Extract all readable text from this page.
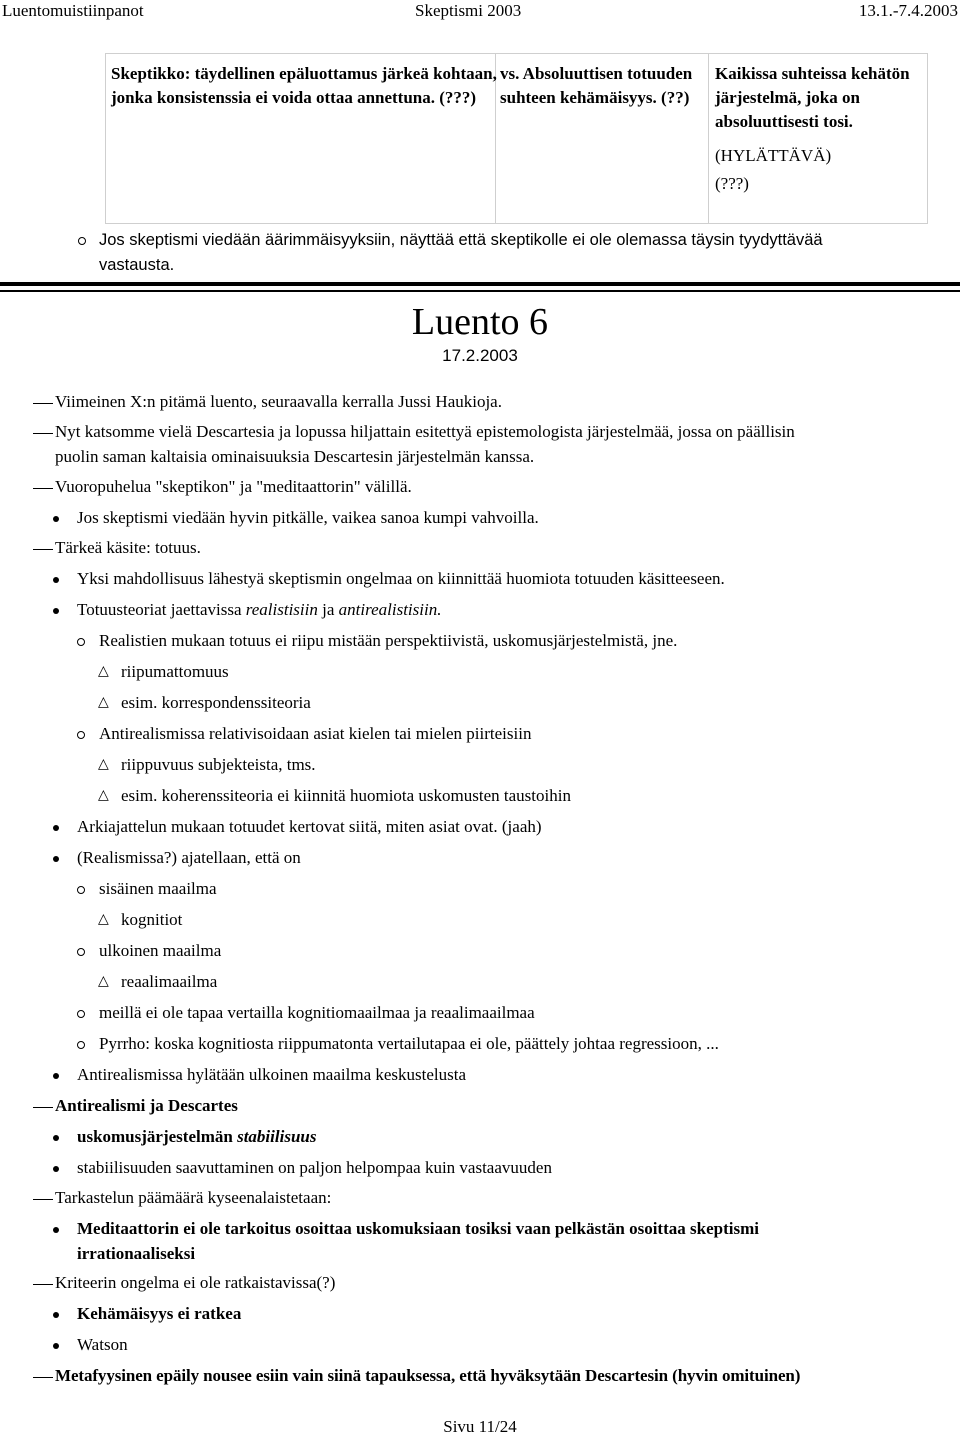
Luentomuistiinpanot	Skeptismi 2003	13.1.-7.4.2003
Skeptikko: täydellinen epäluottamus järkeä kohtaan, jonka konsistenssia ei voida ottaa annettuna. (???)
vs. Absoluuttisen totuuden suhteen kehämäisyys. (??)
Kaikissa suhteissa kehätön järjestelmä, joka on absoluuttisesti tosi.
(HYLÄTTÄVÄ)
(???)
Jos skeptismi viedään äärimmäisyyksiin, näyttää että skeptikolle ei ole olemassa täysin tyydyttävää
vastausta.
Luento 6
17.2.2003
Viimeinen X:n pitämä luento, seuraavalla kerralla Jussi Haukioja.
Nyt katsomme vielä Descartesia ja lopussa hiljattain esitettyä epistemologista järjestelmää, jossa on päällisin
puolin saman kaltaisia ominaisuuksia Descartesin järjestelmän kanssa.
Vuoropuhelua "skeptikon" ja "meditaattorin" välillä.
Jos skeptismi viedään hyvin pitkälle, vaikea sanoa kumpi vahvoilla.
Tärkeä käsite: totuus.
Yksi mahdollisuus lähestyä skeptismin ongelmaa on kiinnittää huomiota totuuden käsitteeseen.
Totuusteoriat jaettavissa realistisiin ja antirealistisiin.
Realistien mukaan totuus ei riipu mistään perspektiivistä, uskomusjärjestelmistä, jne.
△ riipumattomuus
△ esim. korrespondenssiteoria
Antirealismissa relativisoidaan asiat kielen tai mielen piirteisiin
△ riippuvuus subjekteista, tms.
△ esim. koherenssiteoria ei kiinnitä huomiota uskomusten taustoihin
Arkiajattelun mukaan totuudet kertovat siitä, miten asiat ovat. (jaah)
(Realismissa?) ajatellaan, että on
sisäinen maailma
△ kognitiot
ulkoinen maailma
△ reaalimaailma
meillä ei ole tapaa vertailla kognitiomaailmaa ja reaalimaailmaa
Pyrrho: koska kognitiosta riippumatonta vertailutapaa ei ole, päättely johtaa regressioon, ...
Antirealismissa hylätään ulkoinen maailma keskustelusta
Antirealismi ja Descartes
uskomusjärjestelmän stabiilisuus
stabiilisuuden saavuttaminen on paljon helpompaa kuin vastaavuuden
Tarkastelun päämäärä kyseenalaistetaan:
Meditaattorin ei ole tarkoitus osoittaa uskomuksiaan tosiksi vaan pelkästän osoittaa skeptismi
irrationaaliseksi
Kriteerin ongelma ei ole ratkaistavissa(?)
Kehämäisyys ei ratkea
Watson
Metafyysinen epäily nousee esiin vain siinä tapauksessa, että hyväksytään Descartesin (hyvin omituinen)
Sivu 11/24
